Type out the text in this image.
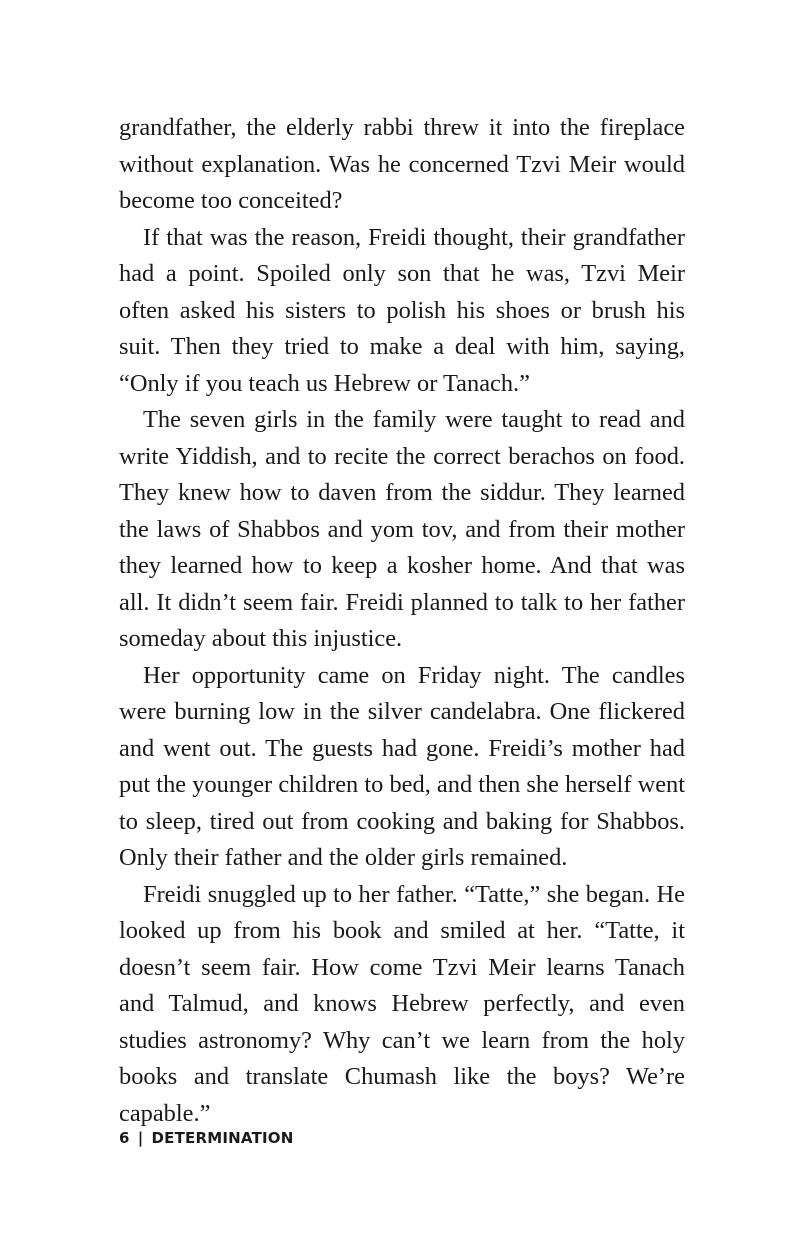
grandfather, the elderly rabbi threw it into the fireplace without explanation. Was he concerned Tzvi Meir would become too conceited?

If that was the reason, Freidi thought, their grandfather had a point. Spoiled only son that he was, Tzvi Meir often asked his sisters to polish his shoes or brush his suit. Then they tried to make a deal with him, saying, “Only if you teach us Hebrew or Tanach.”

The seven girls in the family were taught to read and write Yiddish, and to recite the correct berachos on food. They knew how to daven from the siddur. They learned the laws of Shabbos and yom tov, and from their mother they learned how to keep a kosher home. And that was all. It didn’t seem fair. Freidi planned to talk to her father someday about this injustice.

Her opportunity came on Friday night. The candles were burning low in the silver candelabra. One flickered and went out. The guests had gone. Freidi’s mother had put the younger children to bed, and then she herself went to sleep, tired out from cooking and baking for Shabbos. Only their father and the older girls remained.

Freidi snuggled up to her father. “Tatte,” she began. He looked up from his book and smiled at her. “Tatte, it doesn’t seem fair. How come Tzvi Meir learns Tanach and Talmud, and knows Hebrew perfectly, and even studies astronomy? Why can’t we learn from the holy books and translate Chumash like the boys? We’re capable.”

6 | DETERMINATION
